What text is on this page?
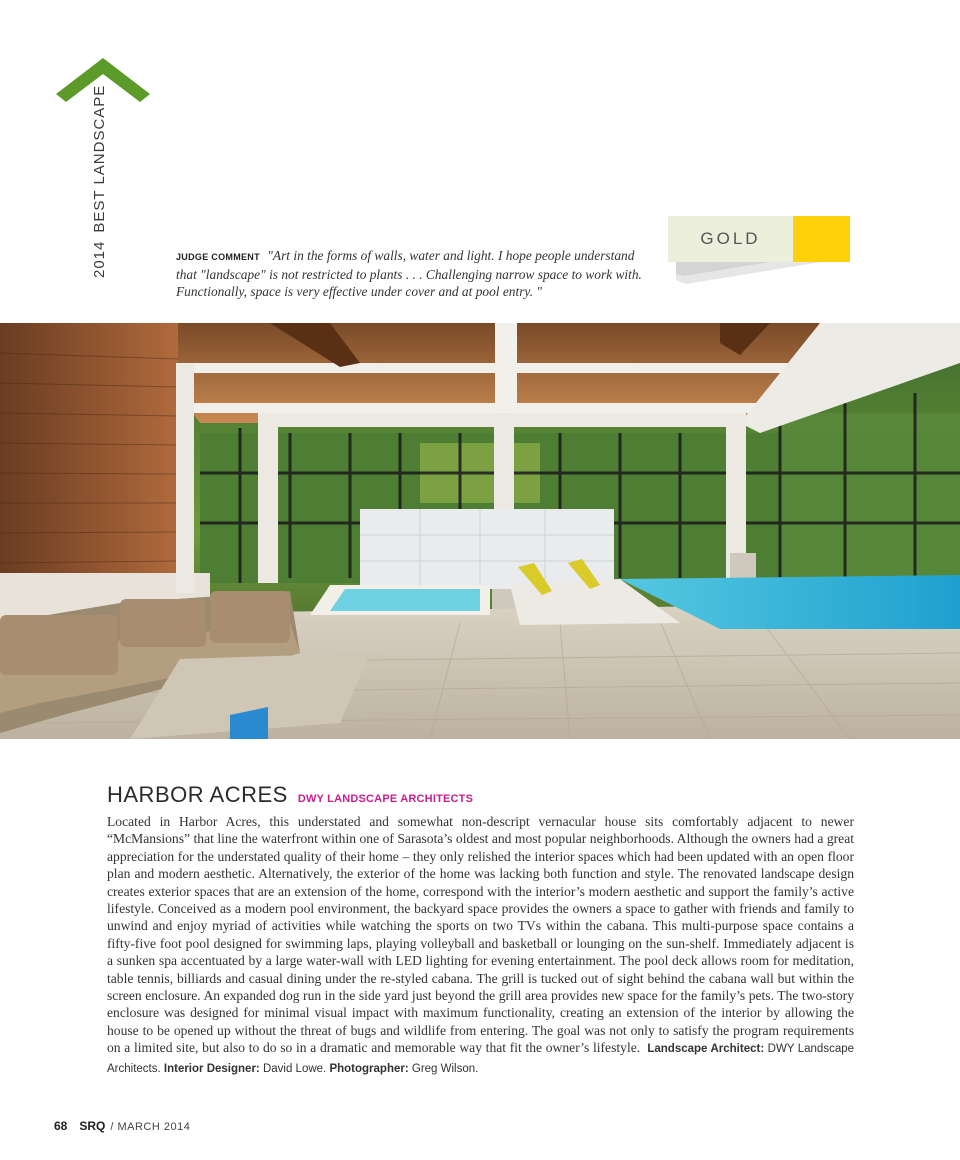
2014BEST LANDSCAPE
JUDGE COMMENT "Art in the forms of walls, water and light. I hope people understand that "landscape" is not restricted to plants . . . Challenging narrow space to work with. Functionally, space is very effective under cover and at pool entry. "
GOLD
HARBOR ACRES DWY LANDSCAPE ARCHITECTS
Located in Harbor Acres, this understated and somewhat non-descript vernacular house sits comfortably adjacent to newer “McMansions” that line the waterfront within one of Sarasota’s oldest and most popular neighborhoods. Although the owners had a great appreciation for the understated quality of their home – they only relished the interior spaces which had been updated with an open floor plan and modern aesthetic. Alternatively, the exterior of the home was lacking both function and style. The renovated landscape design creates exterior spaces that are an extension of the home, correspond with the interior’s modern aesthetic and support the family’s active lifestyle. Conceived as a modern pool environment, the backyard space provides the owners a space to gather with friends and family to unwind and enjoy myriad of activities while watching the sports on two TVs within the cabana. This multi-purpose space contains a fifty-five foot pool designed for swimming laps, playing volleyball and basketball or lounging on the sun-shelf. Immediately adjacent is a sunken spa accentuated by a large water-wall with LED lighting for evening entertainment. The pool deck allows room for meditation, table tennis, billiards and casual dining under the re-styled cabana. The grill is tucked out of sight behind the cabana wall but within the screen enclosure. An expanded dog run in the side yard just beyond the grill area provides new space for the family’s pets. The two-story enclosure was designed for minimal visual impact with maximum functionality, creating an extension of the interior by allowing the house to be opened up without the threat of bugs and wildlife from entering. The goal was not only to satisfy the program requirements on a limited site, but also to do so in a dramatic and memorable way that fit the owner’s lifestyle. Landscape Architect: DWY Landscape Architects. Interior Designer: David Lowe. Photographer: Greg Wilson.
68 SRQ / MARCH 2014
